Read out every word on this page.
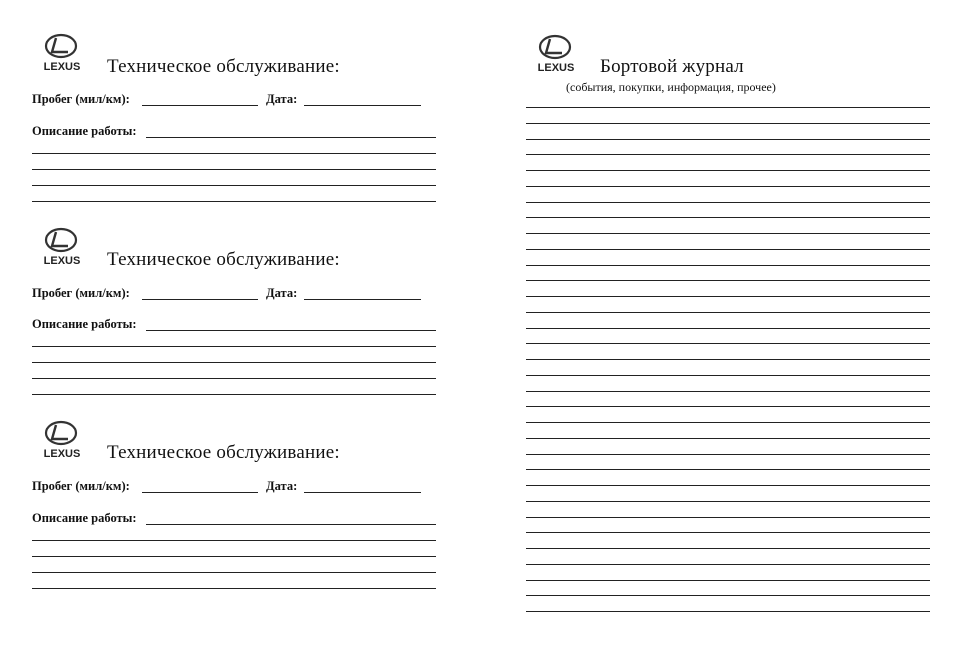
LEXUS Техническое обслуживание:
Пробег (мил/км):	Дата:
Описание работы:
LEXUS Техническое обслуживание:
Пробег (мил/км):	Дата:
Описание работы:
LEXUS Техническое обслуживание:
Пробег (мил/км):	Дата:
Описание работы:
LEXUS Бортовой журнал
(события, покупки, информация, прочее)
